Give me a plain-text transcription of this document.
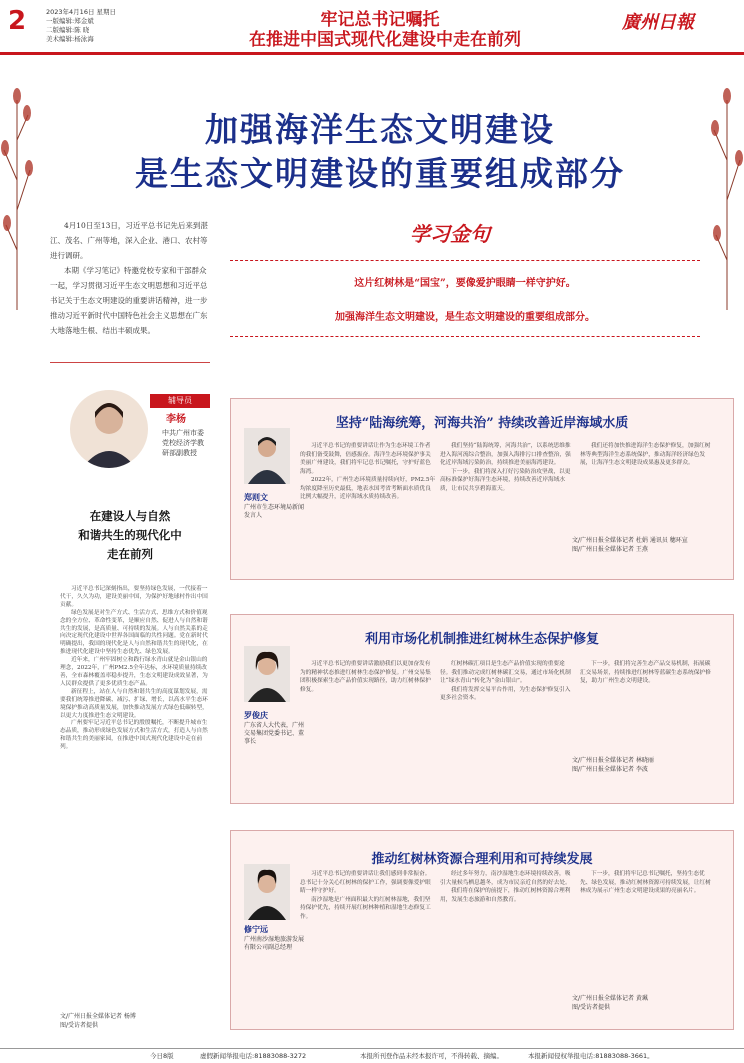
2	2023年4月16日 星期日
一版编辑:郑金斌
二版编辑:陈 晓
美术编辑:杨泳海
牢记总书记嘱托
在推进中国式现代化建设中走在前列
廣州日報
加强海洋生态文明建设
是生态文明建设的重要组成部分

4月10日至13日，习近平总书记先后来到湛江、茂名、广州等地，深入企业、港口、农村等进行调研。

本期《学习笔记》特邀党校专家和干部群众一起，学习贯彻习近平生态文明思想和习近平总书记关于生态文明建设的重要讲话精神，进一步推动习近平新时代中国特色社会主义思想在广东大地落地生根、结出丰硕成果。

学习金句
这片红树林是“国宝”，要像爱护眼睛一样守护好。
加强海洋生态文明建设，是生态文明建设的重要组成部分。
辅导员
李杨
中共广州市委党校经济学教研部副教授
在建设人与自然
和谐共生的现代化中
走在前列

习近平总书记深刻指出，要坚持绿色发展，一代接着一代干，久久为功，建设美丽中国，为保护好地球村作出中国贡献。

绿色发展是对生产方式、生活方式、思维方式和价值观念的全方位、革命性变革，是顺应自然、促进人与自然和谐共生的发展，是高质量、可持续的发展。人与自然关系的走向决定现代化建设中世界各国面临的共性问题。党在新时代明确提出，我国的现代化是人与自然和谐共生的现代化，在推进现代化建设中坚持生态优先、绿色发展。

近年来，广州牢固树立和践行绿水青山就是金山银山的理念，2022年，广州PM2.5全年达标，水环境质量持续改善，全市森林覆盖率稳步提升，生态文明建设成效显著，为人民群众提供了更多优质生态产品。

新征程上，站在人与自然和谐共生的高度谋划发展，需要我们统筹推进降碳、减污、扩绿、增长，以高水平生态环境保护推动高质量发展，加快推动发展方式绿色低碳转型，以更大力度推进生态文明建设。

广州要牢记习近平总书记的殷殷嘱托，不断提升城市生态品质，推动形成绿色发展方式和生活方式，打造人与自然和谐共生的美丽家园，在推进中国式现代化建设中走在前列。

文/广州日报全媒体记者 杨博
图/受访者提供
坚持“陆海统筹，河海共治” 持续改善近岸海域水质
郑则文
广州市生态环境局新闻发言人

习近平总书记的重要讲话让作为生态环境工作者的我们备受鼓舞，倍感振奋。海洋生态环境保护事关美丽广州建设，我们将牢记总书记嘱托，守护好蓝色海湾。

2022年，广州生态环境质量持续向好，PM2.5年均浓度降至历史最低，地表水国考省考断面水质优良比例大幅提升，近岸海域水质持续改善。

我们坚持“陆海统筹，河海共治”，以系统思维推进入海河流综合整治，加强入海排污口排查整治，强化近岸海域污染防治，持续推进美丽海湾建设。

下一步，我们将深入打好污染防治攻坚战，以更高标准保护好海洋生态环境，持续改善近岸海域水质，让市民共享碧海蓝天。

我们还将加快推进海洋生态保护修复，加强红树林等典型海洋生态系统保护，推动海洋经济绿色发展，让海洋生态文明建设成果惠及更多群众。

文/广州日报全媒体记者 杜娟 通讯员 穗环宣
图/广州日报全媒体记者 王燕
利用市场化机制推进红树林生态保护修复
罗俊庆
广东省人大代表，广州交易集团党委书记、董事长

习近平总书记的重要讲话激励我们以更加奋发有为的精神状态推进红树林生态保护修复。广州交易集团积极探索生态产品价值实现路径，助力红树林保护修复。

红树林碳汇项目是生态产品价值实现的重要途径。我们推动完成红树林碳汇交易，通过市场化机制让“绿水青山”转化为“金山银山”。

我们将发挥交易平台作用，为生态保护修复引入更多社会资本。

下一步，我们将完善生态产品交易机制，拓展碳汇交易场景，持续推进红树林等蓝碳生态系统保护修复，助力广州生态文明建设。

文/广州日报全媒体记者 林晓丽
图/广州日报全媒体记者 李波
推动红树林资源合理利用和可持续发展
修宁远
广州南沙湿地旅游发展有限公司副总经理

习近平总书记的重要讲话让我们感到非常振奋。总书记十分关心红树林的保护工作，强调要像爱护眼睛一样守护好。

南沙湿地是广州面积最大的红树林湿地，我们坚持保护优先，持续开展红树林种植和湿地生态修复工作。

经过多年努力，南沙湿地生态环境持续改善，吸引大量候鸟栖息越冬，成为市民亲近自然的好去处。

我们将在保护的前提下，推动红树林资源合理利用，发展生态旅游和自然教育。

下一步，我们将牢记总书记嘱托，坚持生态优先、绿色发展，推动红树林资源可持续发展，让红树林成为展示广州生态文明建设成果的亮丽名片。

文/广州日报全媒体记者 黄珮
图/受访者提供
今日8版	虚假新闻举报电话:81883088-3272	本报所刊登作品未经本报许可，不得转载、摘编。	本报新闻侵权举报电话:81883088-3661。
